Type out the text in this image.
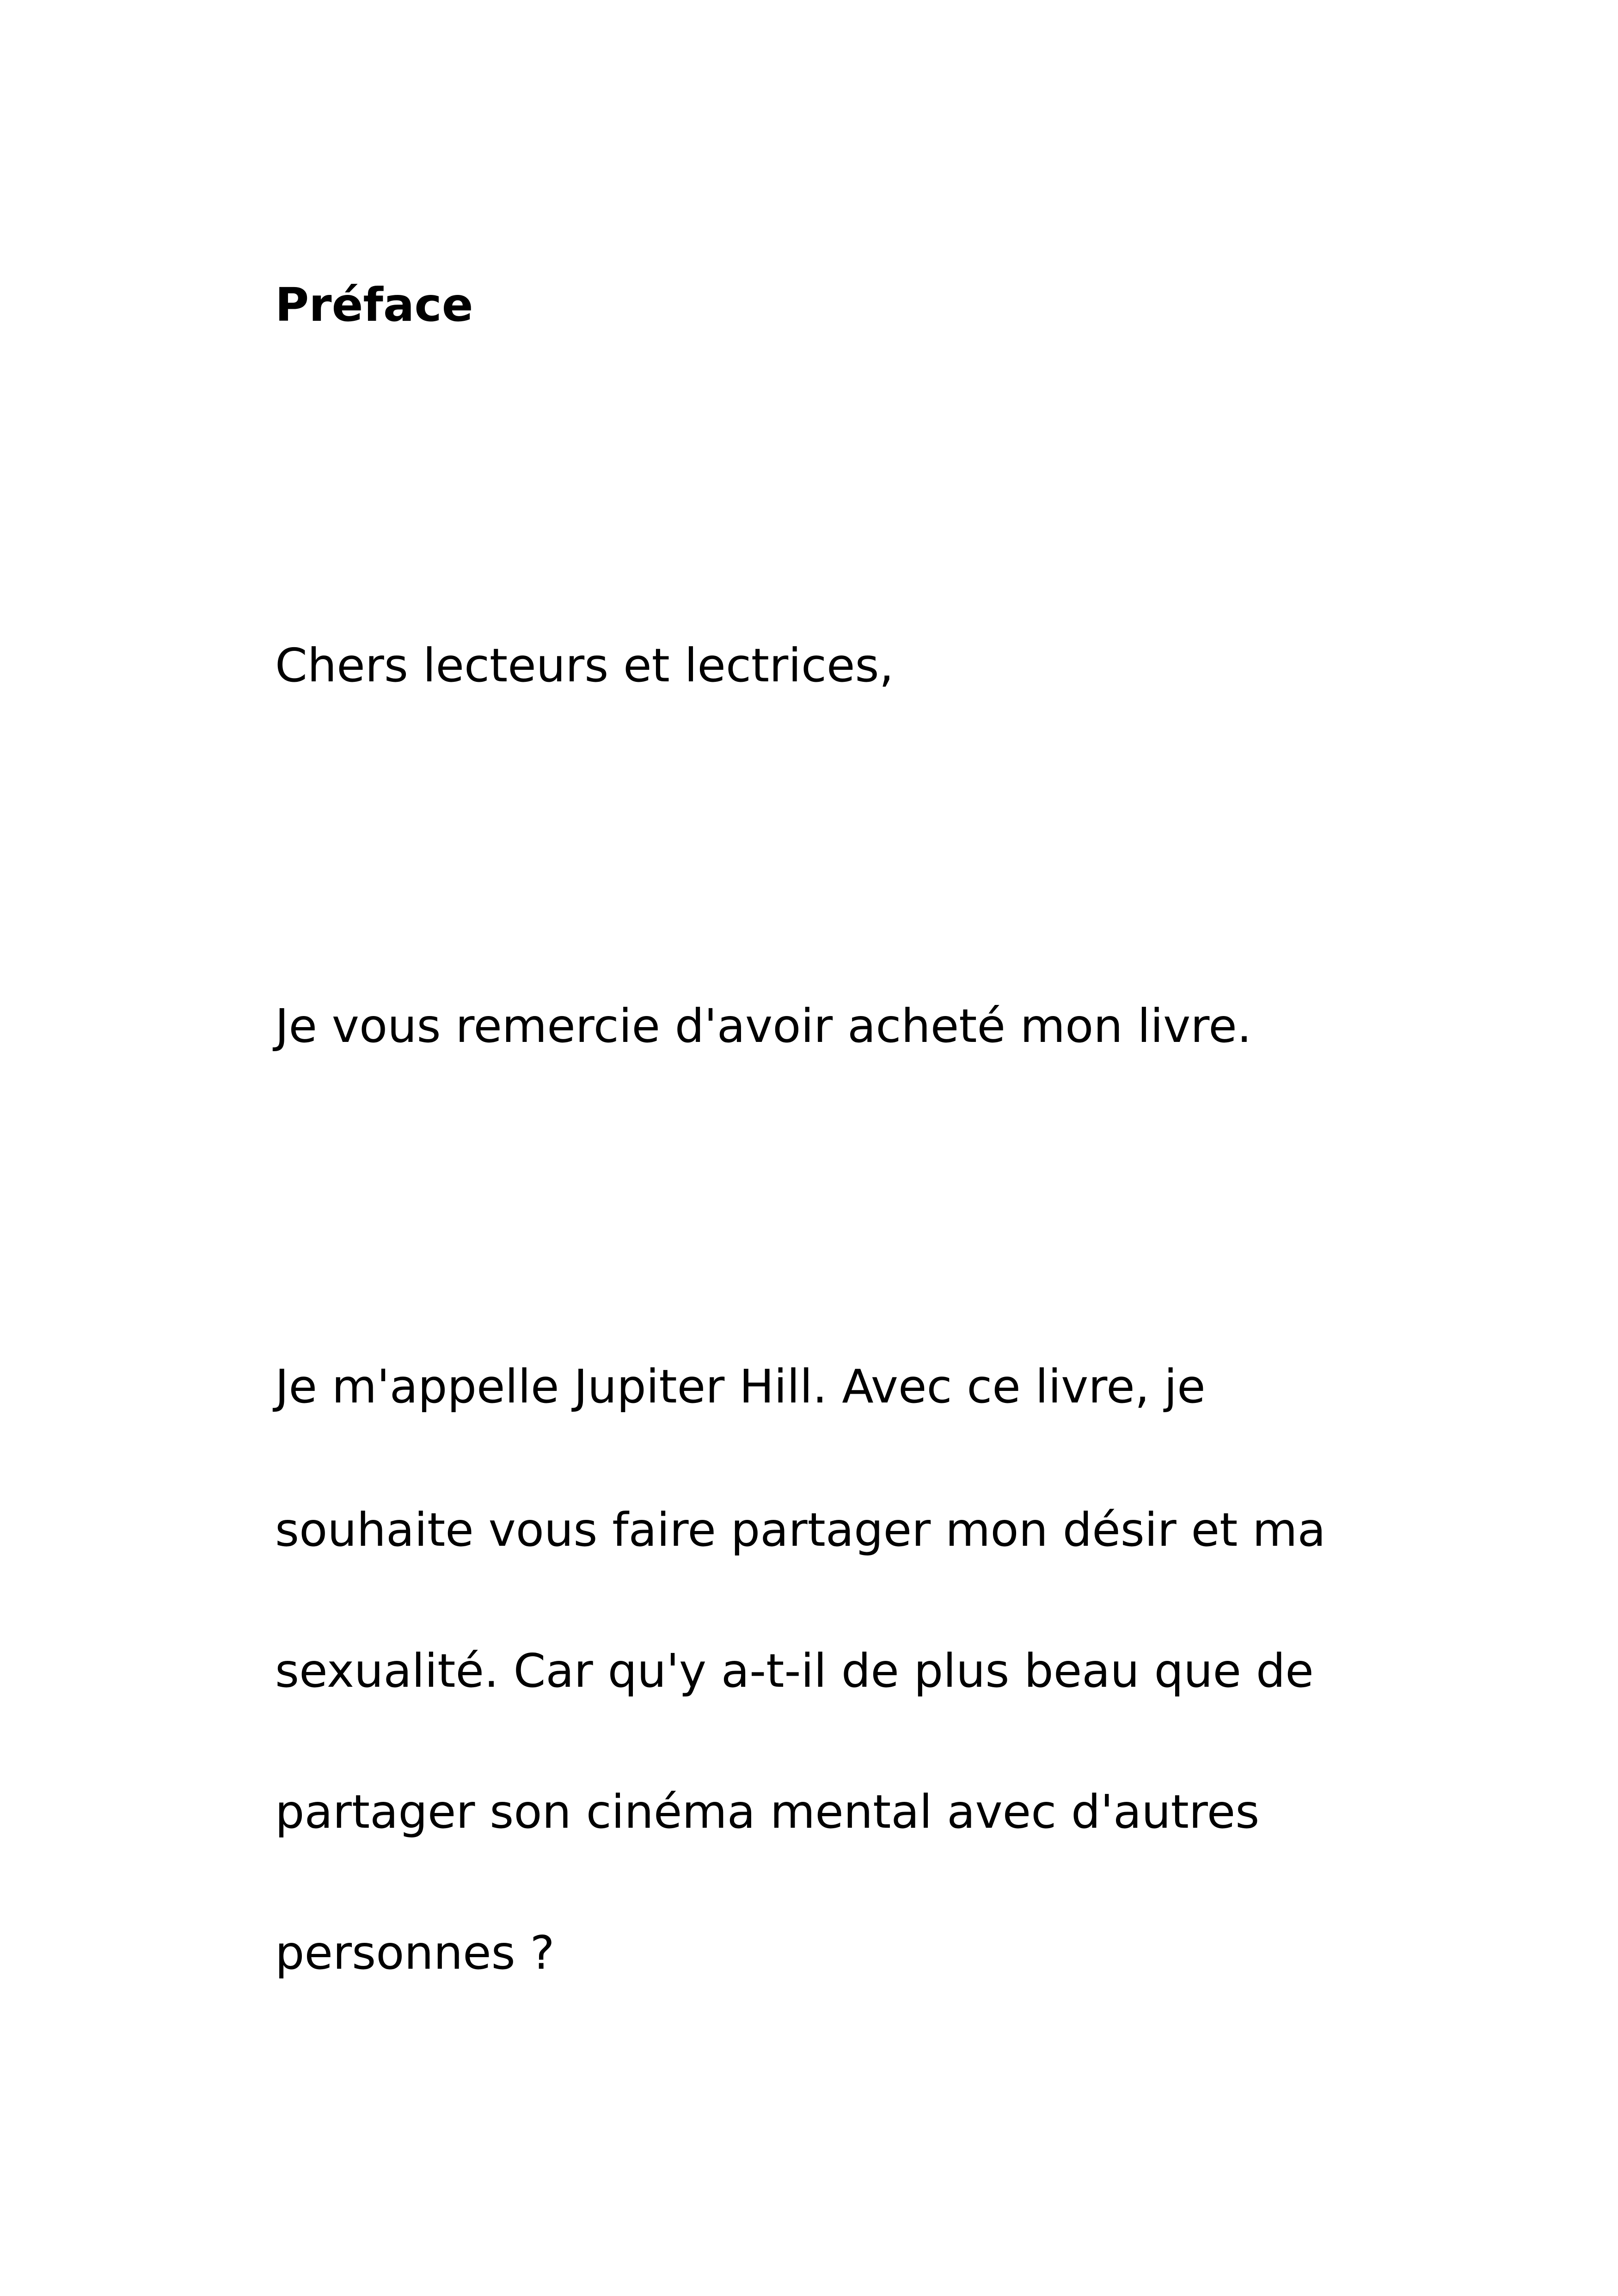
Préface

Chers lecteurs et lectrices,

Je vous remercie d'avoir acheté mon livre.

Je m'appelle Jupiter Hill. Avec ce livre, je

souhaite vous faire partager mon désir et ma

sexualité. Car qu'y a-t-il de plus beau que de

partager son cinéma mental avec d'autres

personnes ?
